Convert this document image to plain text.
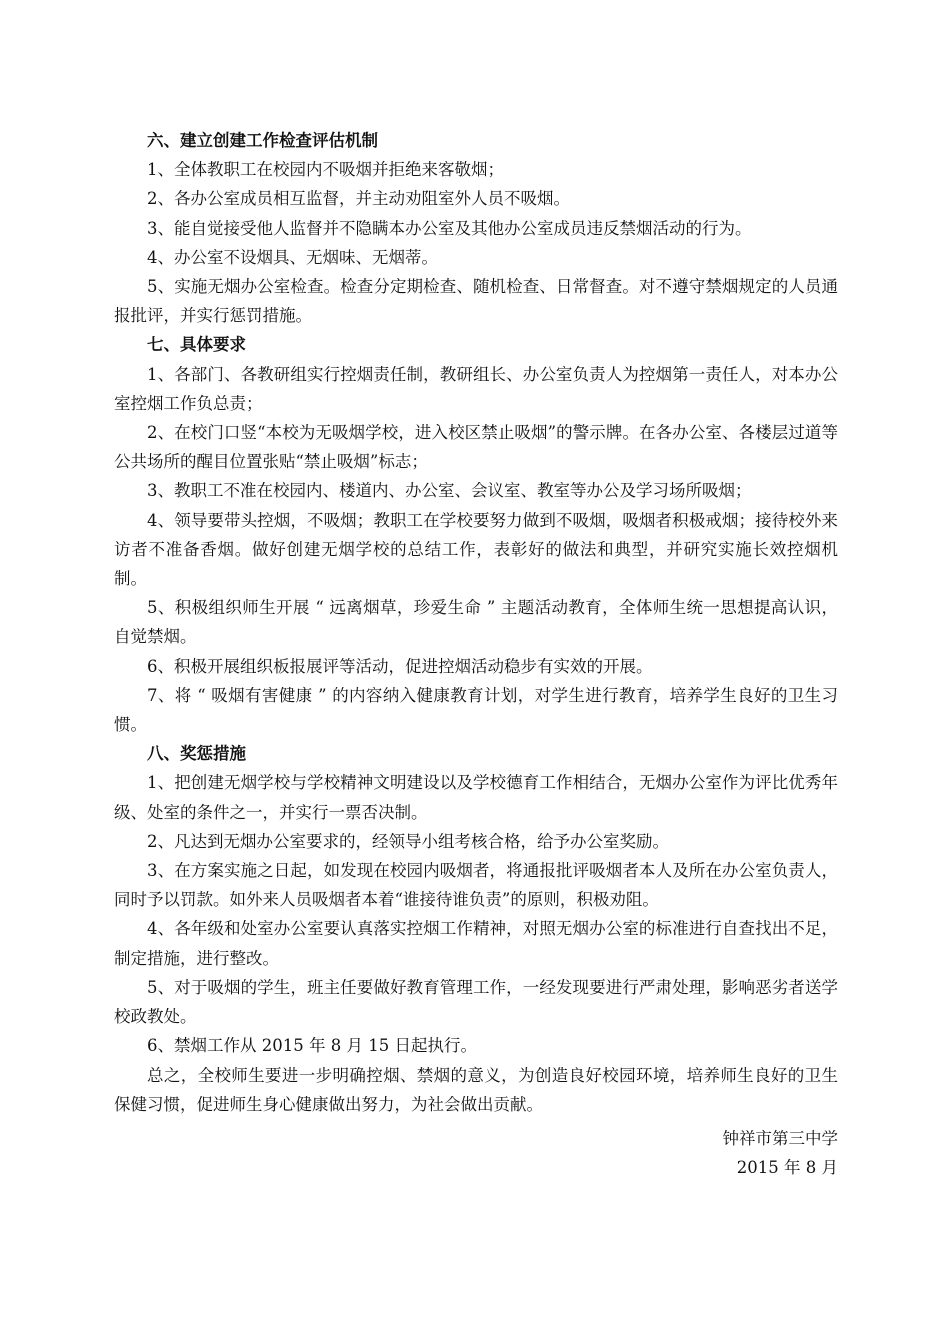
六、建立创建工作检查评估机制

1、全体教职工在校园内不吸烟并拒绝来客敬烟；

2、各办公室成员相互监督，并主动劝阻室外人员不吸烟。

3、能自觉接受他人监督并不隐瞒本办公室及其他办公室成员违反禁烟活动的行为。

4、办公室不设烟具、无烟味、无烟蒂。

5、实施无烟办公室检查。检查分定期检查、随机检查、日常督查。对不遵守禁烟规定的人员通报批评，并实行惩罚措施。

七、具体要求

1、各部门、各教研组实行控烟责任制，教研组长、办公室负责人为控烟第一责任人，对本办公室控烟工作负总责；

2、在校门口竖“本校为无吸烟学校，进入校区禁止吸烟”的警示牌。在各办公室、各楼层过道等公共场所的醒目位置张贴“禁止吸烟”标志；

3、教职工不准在校园内、楼道内、办公室、会议室、教室等办公及学习场所吸烟；

4、领导要带头控烟，不吸烟；教职工在学校要努力做到不吸烟，吸烟者积极戒烟；接待校外来访者不准备香烟。做好创建无烟学校的总结工作，表彰好的做法和典型，并研究实施长效控烟机制。

5、积极组织师生开展 “ 远离烟草，珍爱生命 ” 主题活动教育，全体师生统一思想提高认识，自觉禁烟。

6、积极开展组织板报展评等活动，促进控烟活动稳步有实效的开展。

7、将 “ 吸烟有害健康 ” 的内容纳入健康教育计划，对学生进行教育，培养学生良好的卫生习惯。

八、奖惩措施

1、把创建无烟学校与学校精神文明建设以及学校德育工作相结合，无烟办公室作为评比优秀年级、处室的条件之一，并实行一票否决制。

2、凡达到无烟办公室要求的，经领导小组考核合格，给予办公室奖励。

3、在方案实施之日起，如发现在校园内吸烟者，将通报批评吸烟者本人及所在办公室负责人，同时予以罚款。如外来人员吸烟者本着“谁接待谁负责”的原则，积极劝阻。

4、各年级和处室办公室要认真落实控烟工作精神，对照无烟办公室的标准进行自查找出不足，制定措施，进行整改。

5、对于吸烟的学生，班主任要做好教育管理工作，一经发现要进行严肃处理，影响恶劣者送学校政教处。

6、禁烟工作从 2015 年 8 月 15 日起执行。

总之，全校师生要进一步明确控烟、禁烟的意义，为创造良好校园环境，培养师生良好的卫生保健习惯，促进师生身心健康做出努力，为社会做出贡献。

钟祥市第三中学
2015 年 8 月
